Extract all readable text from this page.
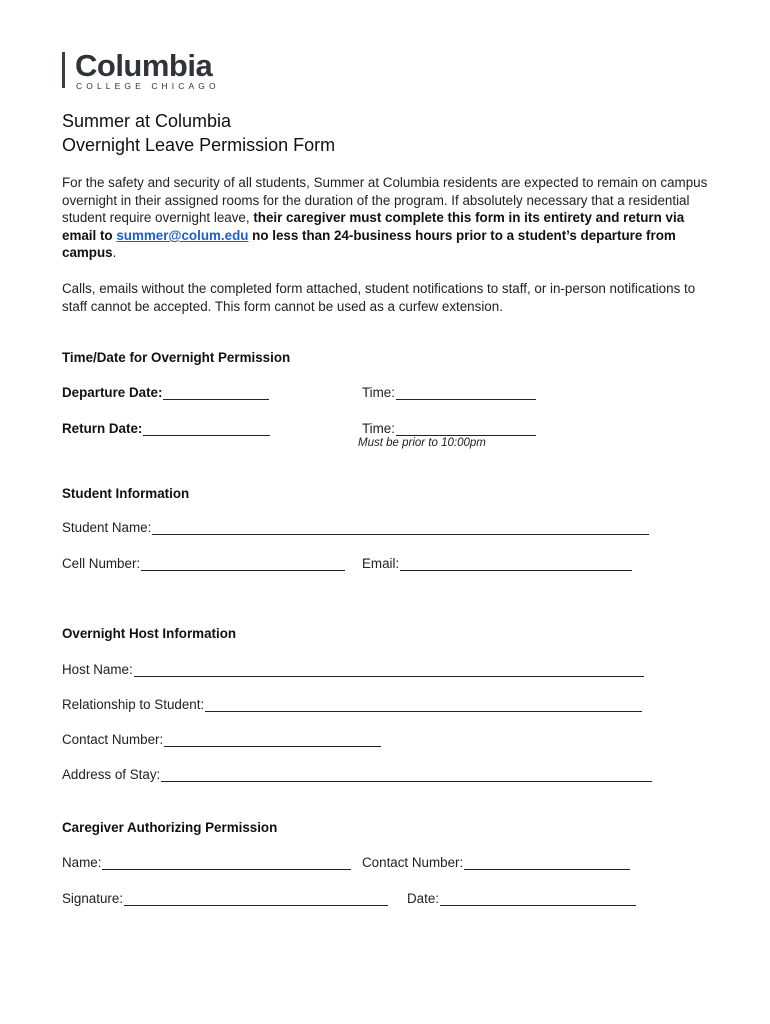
Columbia
COLLEGE CHICAGO
Summer at Columbia
Overnight Leave Permission Form
For the safety and security of all students, Summer at Columbia residents are expected to remain on campus overnight in their assigned rooms for the duration of the program. If absolutely necessary that a residential student require overnight leave, their caregiver must complete this form in its entirety and return via email to summer@colum.edu no less than 24-business hours prior to a student’s departure from campus.
Calls, emails without the completed form attached, student notifications to staff, or in-person notifications to staff cannot be accepted. This form cannot be used as a curfew extension.
Time/Date for Overnight Permission
Departure Date:	Time:
Return Date:	Time:
Must be prior to 10:00pm
Student Information
Student Name:
Cell Number:	Email:
Overnight Host Information
Host Name:
Relationship to Student:
Contact Number:
Address of Stay:
Caregiver Authorizing Permission
Name:	Contact Number:
Signature:	Date:
